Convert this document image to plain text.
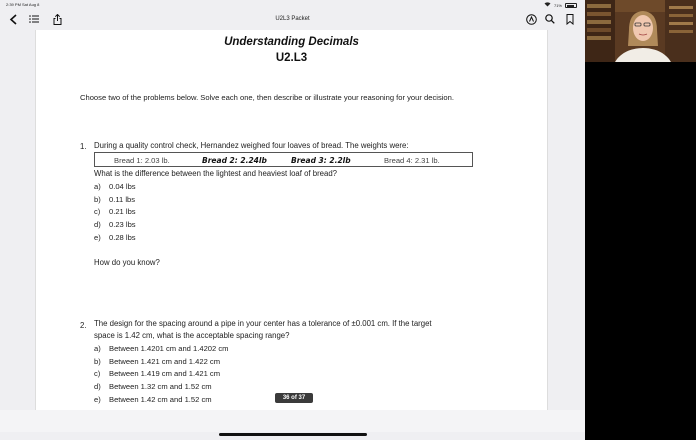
2:39 PM Sat Aug 8	71%
U2L3 Packet
Understanding Decimals
U2.L3
Choose two of the problems below. Solve each one, then describe or illustrate your reasoning for your decision.
1. During a quality control check, Hernandez weighed four loaves of bread. The weights were:
Bread 1: 2.03 lb.	Bread 2: 2.24lb	Bread 3: 2.2lb	Bread 4: 2.31 lb.
What is the difference between the lightest and heaviest loaf of bread?
a)	0.04 lbs
b)	0.11 lbs
c)	0.21 lbs
d)	0.23 lbs
e)	0.28 lbs
How do you know?
2. The design for the spacing around a pipe in your center has a tolerance of ±0.001 cm. If the target
space is 1.42 cm, what is the acceptable spacing range?
a)	Between 1.4201 cm and 1.4202 cm
b)	Between 1.421 cm and 1.422 cm
c)	Between 1.419 cm and 1.421 cm
d)	Between 1.32 cm and 1.52 cm
e)	Between 1.42 cm and 1.52 cm	36 of 37
